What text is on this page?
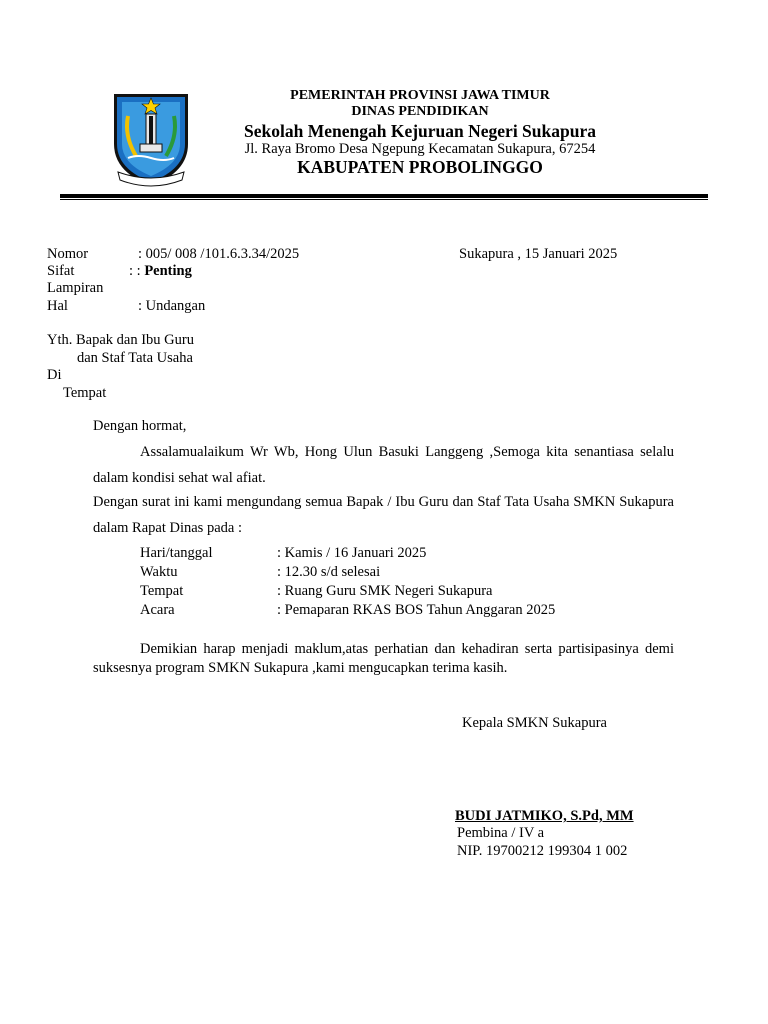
PEMERINTAH PROVINSI JAWA TIMUR
DINAS PENDIDIKAN
Sekolah Menengah Kejuruan Negeri Sukapura
Jl. Raya Bromo Desa Ngepung Kecamatan Sukapura, 67254
KABUPATEN PROBOLINGGO
Nomor	: 005/ 008 /101.6.3.34/2025	Sukapura , 15 Januari 2025
Sifat	: : Penting
Lampiran
Hal	: Undangan
Yth. Bapak dan Ibu Guru
dan Staf Tata Usaha
Di
Tempat
Dengan hormat,
Assalamualaikum Wr Wb, Hong Ulun Basuki Langgeng ,Semoga kita senantiasa selalu dalam kondisi sehat wal afiat.
Dengan surat ini kami mengundang semua Bapak / Ibu Guru dan Staf Tata Usaha SMKN Sukapura dalam Rapat Dinas pada :
Hari/tanggal	: Kamis / 16 Januari 2025
Waktu	: 12.30 s/d selesai
Tempat	: Ruang Guru SMK Negeri Sukapura
Acara	: Pemaparan RKAS BOS Tahun Anggaran 2025
Demikian harap menjadi maklum,atas perhatian dan kehadiran serta partisipasinya demi suksesnya program SMKN Sukapura ,kami mengucapkan terima kasih.
Kepala SMKN Sukapura
BUDI JATMIKO, S.Pd, MM
Pembina / IV a
NIP. 19700212 199304 1 002
